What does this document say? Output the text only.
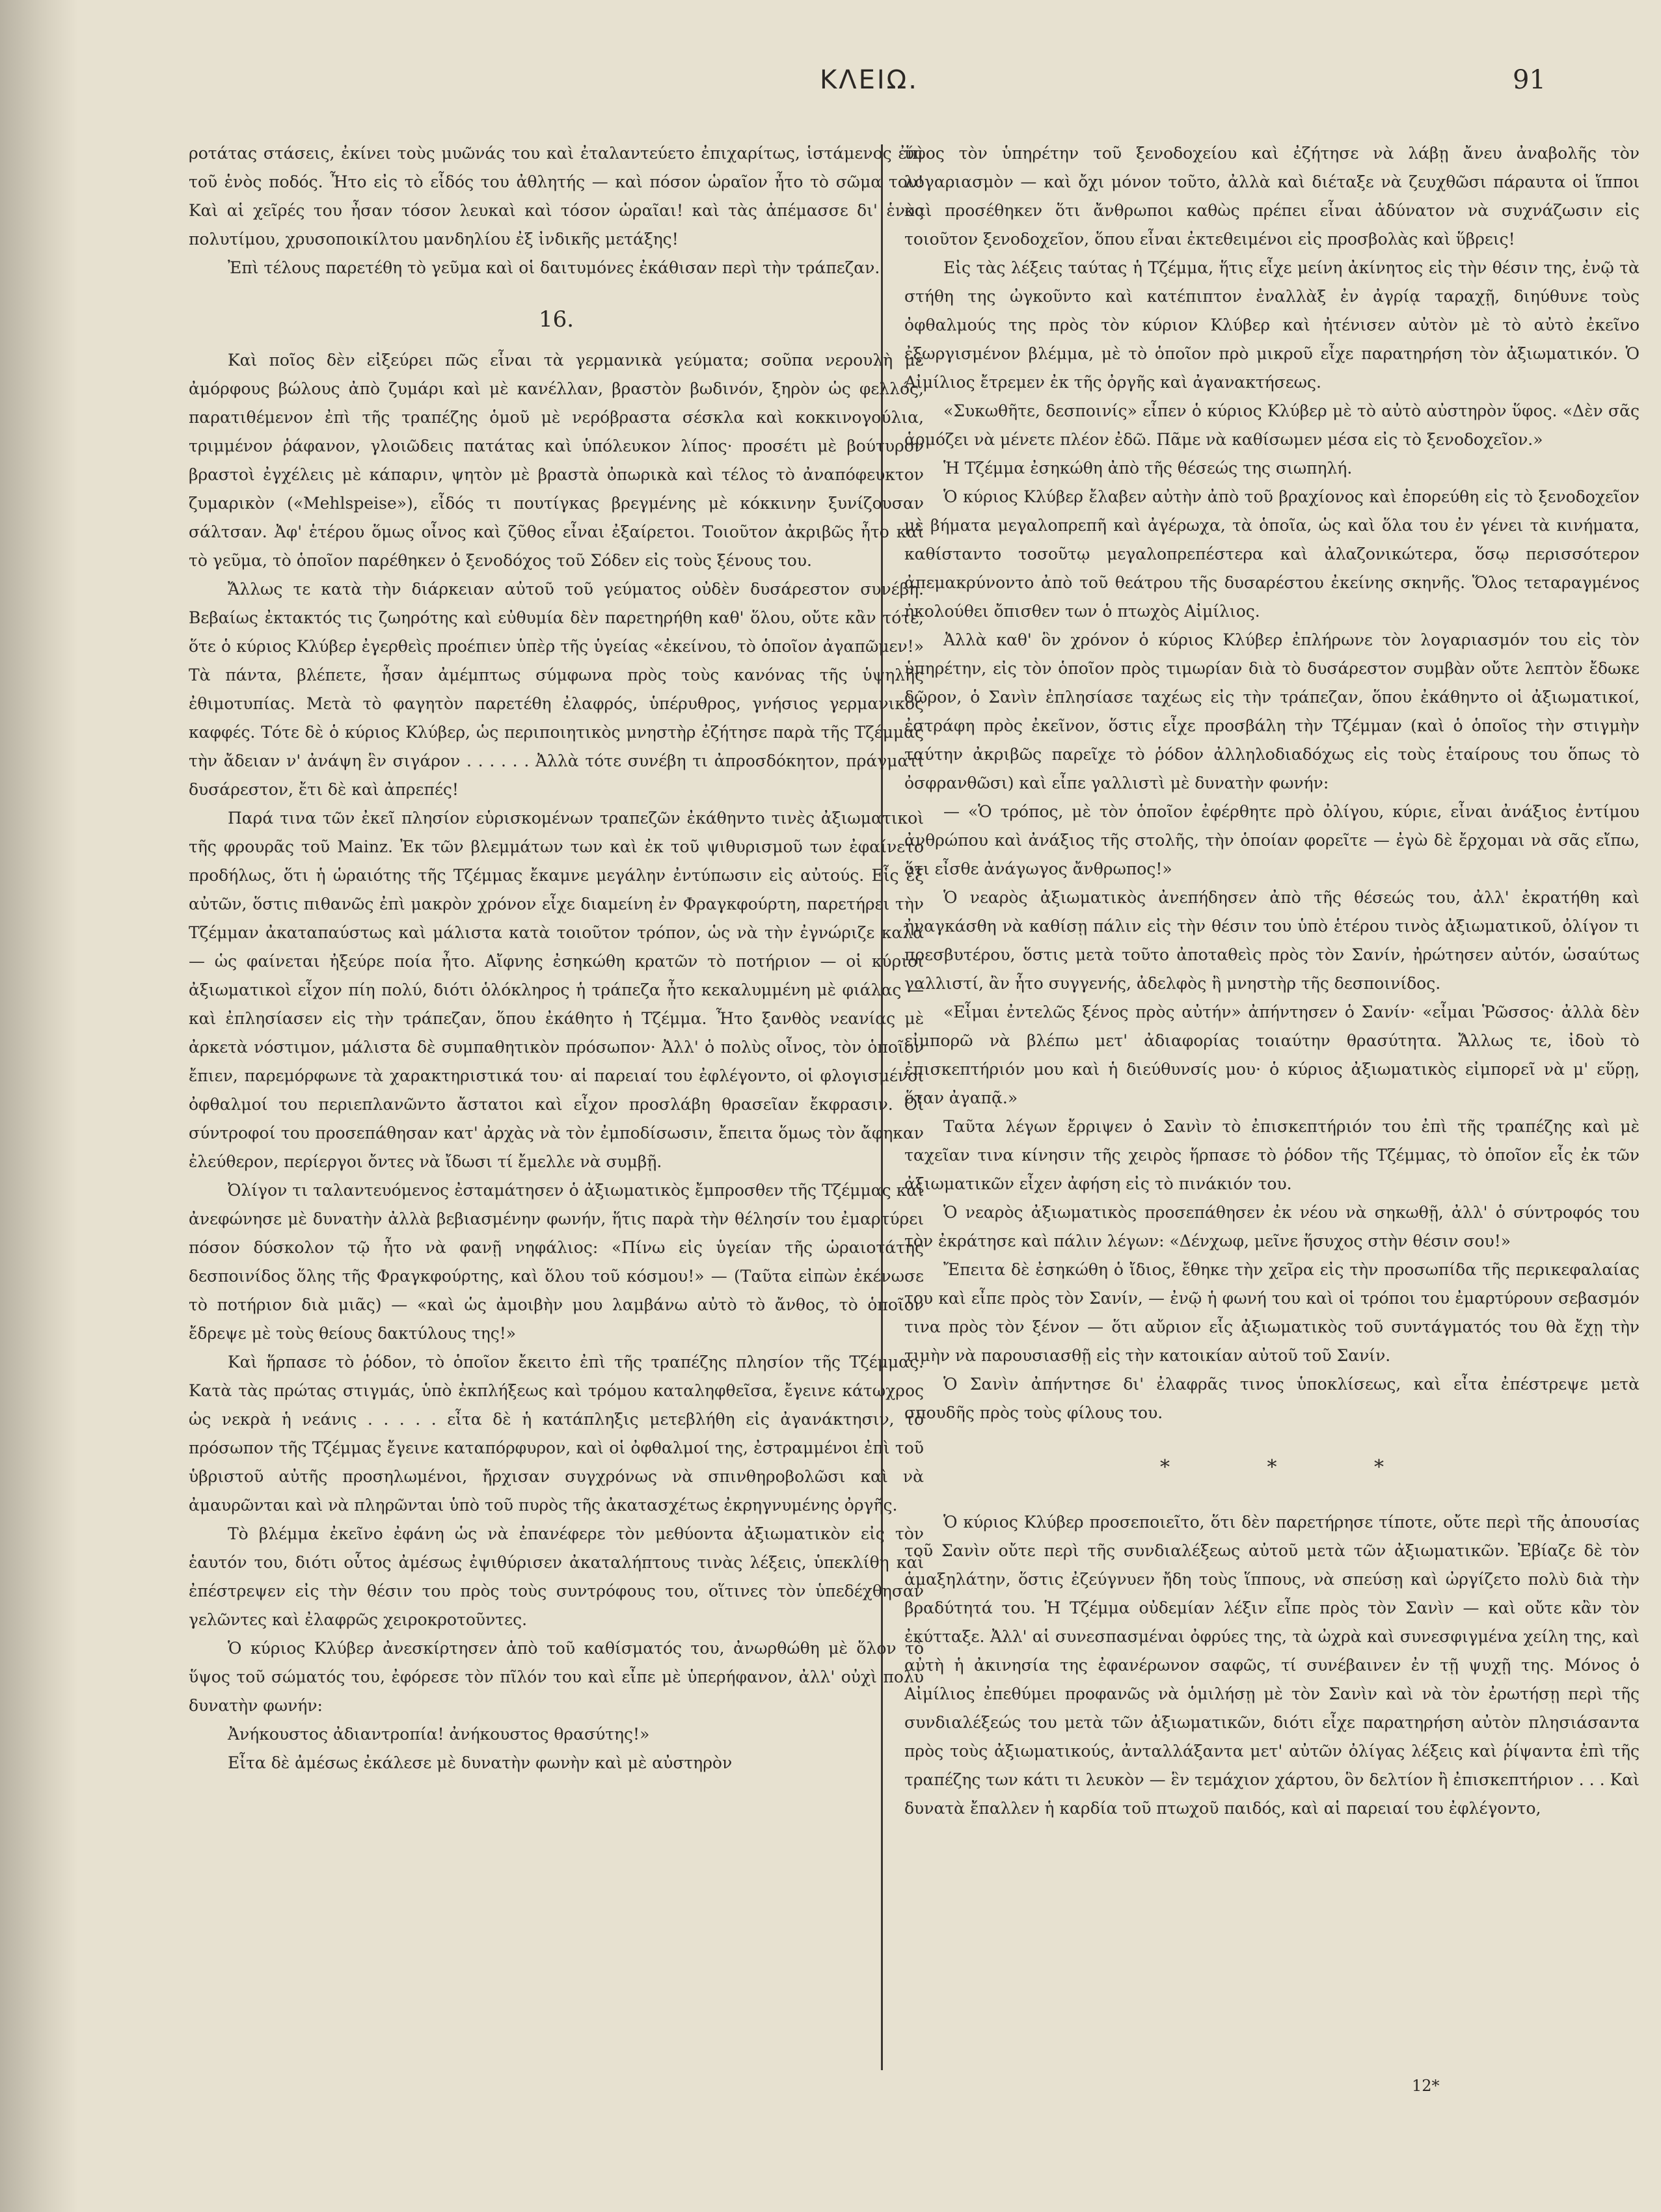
ΚΛΕΙΩ.	91

ροτάτας στάσεις, ἐκίνει τοὺς μυῶνάς του καὶ ἐταλαντεύετο ἐπιχαρίτως, ἱστάμενος ἐπὶ τοῦ ἑνὸς ποδός. Ἦτο εἰς τὸ εἶδός του ἀθλητής — καὶ πόσον ὡραῖον ἦτο τὸ σῶμα του! Καὶ αἱ χεῖρές του ἦσαν τόσον λευκαὶ καὶ τόσον ὡραῖαι! καὶ τὰς ἀπέμασσε δι' ἑνὸς πολυτίμου, χρυσοποικίλτου μανδηλίου ἐξ ἰνδικῆς μετάξης!

Ἐπὶ τέλους παρετέθη τὸ γεῦμα καὶ οἱ δαιτυμόνες ἐκάθισαν περὶ τὴν τράπεζαν.

16.

Καὶ ποῖος δὲν εἰξεύρει πῶς εἶναι τὰ γερμανικὰ γεύματα; σοῦπα νερουλὴ μὲ ἀμόρφους βώλους ἀπὸ ζυμάρι καὶ μὲ κανέλλαν, βραστὸν βωδινόν, ξηρὸν ὡς φελλός, παρατιθέμενον ἐπὶ τῆς τραπέζης ὁμοῦ μὲ νερόβραστα σέσκλα καὶ κοκκινογούλια, τριμμένον ῥάφανον, γλοιῶδεις πατάτας καὶ ὑπόλευκον λίπος· προσέτι μὲ βούτυρον βραστοὶ ἐγχέλεις μὲ κάπαριν, ψητὸν μὲ βραστὰ ὀπωρικὰ καὶ τέλος τὸ ἀναπόφευκτον ζυμαρικὸν («Mehlspeise»), εἶδός τι πουτίγκας βρεγμένης μὲ κόκκινην ξυνίζουσαν σάλτσαν. Ἀφ' ἑτέρου ὅμως οἶνος καὶ ζῦθος εἶναι ἐξαίρετοι. Τοιοῦτον ἀκριβῶς ἦτο καὶ τὸ γεῦμα, τὸ ὁποῖον παρέθηκεν ὁ ξενοδόχος τοῦ Σόδεν εἰς τοὺς ξένους του.

Ἄλλως τε κατὰ τὴν διάρκειαν αὐτοῦ τοῦ γεύματος οὐδὲν δυσάρεστον συνέβη. Βεβαίως ἐκτακτός τις ζωηρότης καὶ εὐθυμία δὲν παρετηρήθη καθ' ὅλου, οὔτε κἂν τότε, ὅτε ὁ κύριος Κλύβερ ἐγερθεὶς προέπιεν ὑπὲρ τῆς ὑγείας «ἐκείνου, τὸ ὁποῖον ἀγαπῶμεν!» Τὰ πάντα, βλέπετε, ἦσαν ἀμέμπτως σύμφωνα πρὸς τοὺς κανόνας τῆς ὑψηλῆς ἐθιμοτυπίας. Μετὰ τὸ φαγητὸν παρετέθη ἐλαφρός, ὑπέρυθρος, γνήσιος γερμανικὸς καφφές. Τότε δὲ ὁ κύριος Κλύβερ, ὡς περιποιητικὸς μνηστὴρ ἐζήτησε παρὰ τῆς Τζέμμας τὴν ἄδειαν ν' ἀνάψη ἓν σιγάρον . . . . . . Ἀλλὰ τότε συνέβη τι ἀπροσδόκητον, πράγματι δυσάρεστον, ἔτι δὲ καὶ ἀπρεπές!

Παρά τινα τῶν ἐκεῖ πλησίον εὑρισκομένων τραπεζῶν ἐκάθηντο τινὲς ἀξιωματικοὶ τῆς φρουρᾶς τοῦ Mainz. Ἐκ τῶν βλεμμάτων των καὶ ἐκ τοῦ ψιθυρισμοῦ των ἐφαίνετο προδήλως, ὅτι ἡ ὡραιότης τῆς Τζέμμας ἔκαμνε μεγάλην ἐντύπωσιν εἰς αὐτούς. Εἷς ἐξ αὐτῶν, ὅστις πιθανῶς ἐπὶ μακρὸν χρόνον εἶχε διαμείνη ἐν Φραγκφούρτη, παρετήρει τὴν Τζέμμαν ἀκαταπαύστως καὶ μάλιστα κατὰ τοιοῦτον τρόπον, ὡς νὰ τὴν ἐγνώριζε καλὰ — ὡς φαίνεται ἠξεύρε ποία ἦτο. Αἴφνης ἐσηκώθη κρατῶν τὸ ποτήριον — οἱ κύριοι ἀξιωματικοὶ εἶχον πίη πολύ, διότι ὁλόκληρος ἡ τράπεζα ἦτο κεκαλυμμένη μὲ φιάλας — καὶ ἐπλησίασεν εἰς τὴν τράπεζαν, ὅπου ἐκάθητο ἡ Τζέμμα. Ἦτο ξανθὸς νεανίας μὲ ἀρκετὰ νόστιμον, μάλιστα δὲ συμπαθητικὸν πρόσωπον· Ἀλλ' ὁ πολὺς οἶνος, τὸν ὁποῖον ἔπιεν, παρεμόρφωνε τὰ χαρακτηριστικά του· αἱ παρειαί του ἐφλέγοντο, οἱ φλογισμένοι ὀφθαλμοί του περιεπλανῶντο ἄστατοι καὶ εἶχον προσλάβη θρασεῖαν ἔκφρασιν. Οἱ σύντροφοί του προσεπάθησαν κατ' ἀρχὰς νὰ τὸν ἐμποδίσωσιν, ἔπειτα ὅμως τὸν ἄφηκαν ἐλεύθερον, περίεργοι ὄντες νὰ ἴδωσι τί ἔμελλε νὰ συμβῇ.

Ὀλίγον τι ταλαντευόμενος ἐσταμάτησεν ὁ ἀξιωματικὸς ἔμπροσθεν τῆς Τζέμμας καὶ ἀνεφώνησε μὲ δυνατὴν ἀλλὰ βεβιασμένην φωνήν, ἥτις παρὰ τὴν θέλησίν του ἐμαρτύρει πόσον δύσκολον τῷ ἦτο νὰ φανῇ νηφάλιος: «Πίνω εἰς ὑγείαν τῆς ὡραιοτάτης δεσποινίδος ὅλης τῆς Φραγκφούρτης, καὶ ὅλου τοῦ κόσμου!» — (Ταῦτα εἰπὼν ἐκένωσε τὸ ποτήριον διὰ μιᾶς) — «καὶ ὡς ἀμοιβὴν μου λαμβάνω αὐτὸ τὸ ἄνθος, τὸ ὁποῖον ἔδρεψε μὲ τοὺς θείους δακτύλους της!»

Καὶ ἥρπασε τὸ ῥόδον, τὸ ὁποῖον ἔκειτο ἐπὶ τῆς τραπέζης πλησίον τῆς Τζέμμας. Κατὰ τὰς πρώτας στιγμάς, ὑπὸ ἐκπλήξεως καὶ τρόμου καταληφθεῖσα, ἔγεινε κάτωχρος ὡς νεκρὰ ἡ νεάνις . . . . . εἶτα δὲ ἡ κατάπληξις μετεβλήθη εἰς ἀγανάκτησιν, τὸ πρόσωπον τῆς Τζέμμας ἔγεινε καταπόρφυρον, καὶ οἱ ὀφθαλμοί της, ἐστραμμένοι ἐπὶ τοῦ ὑβριστοῦ αὐτῆς προσηλωμένοι, ἤρχισαν συγχρόνως νὰ σπινθηροβολῶσι καὶ νὰ ἀμαυρῶνται καὶ νὰ πληρῶνται ὑπὸ τοῦ πυρὸς τῆς ἀκατασχέτως ἐκρηγνυμένης ὀργῆς.

Τὸ βλέμμα ἐκεῖνο ἐφάνη ὡς νὰ ἐπανέφερε τὸν μεθύοντα ἀξιωματικὸν εἰς τὸν ἑαυτόν του, διότι οὗτος ἀμέσως ἐψιθύρισεν ἀκαταλήπτους τινὰς λέξεις, ὑπεκλίθη καὶ ἐπέστρεψεν εἰς τὴν θέσιν του πρὸς τοὺς συντρόφους του, οἵτινες τὸν ὑπεδέχθησαν γελῶντες καὶ ἐλαφρῶς χειροκροτοῦντες.

Ὁ κύριος Κλύβερ ἀνεσκίρτησεν ἀπὸ τοῦ καθίσματός του, ἀνωρθώθη μὲ ὅλον τὸ ὕψος τοῦ σώματός του, ἐφόρεσε τὸν πῖλόν του καὶ εἶπε μὲ ὑπερήφανον, ἀλλ' οὐχὶ πολὺ δυνατὴν φωνήν:

Ἀνήκουστος ἀδιαντροπία! ἀνήκουστος θρασύτης!»

Εἶτα δὲ ἀμέσως ἐκάλεσε μὲ δυνατὴν φωνὴν καὶ μὲ αὐστηρὸν

ὕφος τὸν ὑπηρέτην τοῦ ξενοδοχείου καὶ ἐζήτησε νὰ λάβῃ ἄνευ ἀναβολῆς τὸν λογαριασμὸν — καὶ ὄχι μόνον τοῦτο, ἀλλὰ καὶ διέταξε νὰ ζευχθῶσι πάραυτα οἱ ἵπποι καὶ προσέθηκεν ὅτι ἄνθρωποι καθὼς πρέπει εἶναι ἀδύνατον νὰ συχνάζωσιν εἰς τοιοῦτον ξενοδοχεῖον, ὅπου εἶναι ἐκτεθειμένοι εἰς προσβολὰς καὶ ὕβρεις!

Εἰς τὰς λέξεις ταύτας ἡ Τζέμμα, ἥτις εἶχε μείνη ἀκίνητος εἰς τὴν θέσιν της, ἐνῷ τὰ στήθη της ὠγκοῦντο καὶ κατέπιπτον ἐναλλὰξ ἐν ἀγρίᾳ ταραχῇ, διηύθυνε τοὺς ὀφθαλμούς της πρὸς τὸν κύριον Κλύβερ καὶ ἠτένισεν αὐτὸν μὲ τὸ αὐτὸ ἐκεῖνο ἐξωργισμένον βλέμμα, μὲ τὸ ὁποῖον πρὸ μικροῦ εἶχε παρατηρήση τὸν ἀξιωματικόν. Ὁ Αἰμίλιος ἔτρεμεν ἐκ τῆς ὀργῆς καὶ ἀγανακτήσεως.

«Συκωθῆτε, δεσποινίς» εἶπεν ὁ κύριος Κλύβερ μὲ τὸ αὐτὸ αὐστηρὸν ὕφος. «Δὲν σᾶς ἁρμόζει νὰ μένετε πλέον ἐδῶ. Πᾶμε νὰ καθίσωμεν μέσα εἰς τὸ ξενοδοχεῖον.»

Ἡ Τζέμμα ἐσηκώθη ἀπὸ τῆς θέσεώς της σιωπηλή.

Ὁ κύριος Κλύβερ ἔλαβεν αὐτὴν ἀπὸ τοῦ βραχίονος καὶ ἐπορεύθη εἰς τὸ ξενοδοχεῖον μὲ βήματα μεγαλοπρεπῆ καὶ ἀγέρωχα, τὰ ὁποῖα, ὡς καὶ ὅλα του ἐν γένει τὰ κινήματα, καθίσταντο τοσοῦτῳ μεγαλοπρεπέστερα καὶ ἀλαζονικώτερα, ὅσῳ περισσότερον ἀπεμακρύνοντο ἀπὸ τοῦ θεάτρου τῆς δυσαρέστου ἐκείνης σκηνῆς. Ὅλος τεταραγμένος ἠκολούθει ὄπισθεν των ὁ πτωχὸς Αἰμίλιος.

Ἀλλὰ καθ' ὃν χρόνον ὁ κύριος Κλύβερ ἐπλήρωνε τὸν λογαριασμόν του εἰς τὸν ὑπηρέτην, εἰς τὸν ὁποῖον πρὸς τιμωρίαν διὰ τὸ δυσάρεστον συμβὰν οὔτε λεπτὸν ἔδωκε δῶρον, ὁ Σανὶν ἐπλησίασε ταχέως εἰς τὴν τράπεζαν, ὅπου ἐκάθηντο οἱ ἀξιωματικοί, ἐστράφη πρὸς ἐκεῖνον, ὅστις εἶχε προσβάλη τὴν Τζέμμαν (καὶ ὁ ὁποῖος τὴν στιγμὴν ταύτην ἀκριβῶς παρεῖχε τὸ ῥόδον ἀλληλοδιαδόχως εἰς τοὺς ἑταίρους του ὅπως τὸ ὀσφρανθῶσι) καὶ εἶπε γαλλιστὶ μὲ δυνατὴν φωνήν:

— «Ὁ τρόπος, μὲ τὸν ὁποῖον ἐφέρθητε πρὸ ὀλίγου, κύριε, εἶναι ἀνάξιος ἐντίμου ἀνθρώπου καὶ ἀνάξιος τῆς στολῆς, τὴν ὁποίαν φορεῖτε — ἐγὼ δὲ ἔρχομαι νὰ σᾶς εἴπω, ὅτι εἶσθε ἀνάγωγος ἄνθρωπος!»

Ὁ νεαρὸς ἀξιωματικὸς ἀνεπήδησεν ἀπὸ τῆς θέσεώς του, ἀλλ' ἐκρατήθη καὶ ἠναγκάσθη νὰ καθίσῃ πάλιν εἰς τὴν θέσιν του ὑπὸ ἑτέρου τινὸς ἀξιωματικοῦ, ὀλίγον τι πρεσβυτέρου, ὅστις μετὰ τοῦτο ἀποταθεὶς πρὸς τὸν Σανίν, ἠρώτησεν αὐτόν, ὡσαύτως γαλλιστί, ἂν ἦτο συγγενής, ἀδελφὸς ἢ μνηστὴρ τῆς δεσποινίδος.

«Εἶμαι ἐντελῶς ξένος πρὸς αὐτήν» ἀπήντησεν ὁ Σανίν· «εἶμαι Ῥῶσσος· ἀλλὰ δὲν εἰμπορῶ νὰ βλέπω μετ' ἀδιαφορίας τοιαύτην θρασύτητα. Ἄλλως τε, ἰδοὺ τὸ ἐπισκεπτήριόν μου καὶ ἡ διεύθυνσίς μου· ὁ κύριος ἀξιωματικὸς εἰμπορεῖ νὰ μ' εὕρῃ, ὅταν ἀγαπᾷ.»

Ταῦτα λέγων ἔρριψεν ὁ Σανὶν τὸ ἐπισκεπτήριόν του ἐπὶ τῆς τραπέζης καὶ μὲ ταχεῖαν τινα κίνησιν τῆς χειρὸς ἥρπασε τὸ ῥόδον τῆς Τζέμμας, τὸ ὁποῖον εἷς ἐκ τῶν ἀξιωματικῶν εἶχεν ἀφήση εἰς τὸ πινάκιόν του.

Ὁ νεαρὸς ἀξιωματικὸς προσεπάθησεν ἐκ νέου νὰ σηκωθῇ, ἀλλ' ὁ σύντροφός του τὸν ἐκράτησε καὶ πάλιν λέγων: «Δένχωφ, μεῖνε ἥσυχος στὴν θέσιν σου!»

Ἔπειτα δὲ ἐσηκώθη ὁ ἴδιος, ἔθηκε τὴν χεῖρα εἰς τὴν προσωπίδα τῆς περικεφαλαίας του καὶ εἶπε πρὸς τὸν Σανίν, — ἐνῷ ἡ φωνή του καὶ οἱ τρόποι του ἐμαρτύρουν σεβασμόν τινα πρὸς τὸν ξένον — ὅτι αὔριον εἷς ἀξιωματικὸς τοῦ συντάγματός του θὰ ἔχῃ τὴν τιμὴν νὰ παρουσιασθῇ εἰς τὴν κατοικίαν αὐτοῦ τοῦ Σανίν.

Ὁ Σανὶν ἀπήντησε δι' ἐλαφρᾶς τινος ὑποκλίσεως, καὶ εἶτα ἐπέστρεψε μετὰ σπουδῆς πρὸς τοὺς φίλους του.

* * *

Ὁ κύριος Κλύβερ προσεποιεῖτο, ὅτι δὲν παρετήρησε τίποτε, οὔτε περὶ τῆς ἀπουσίας τοῦ Σανὶν οὔτε περὶ τῆς συνδιαλέξεως αὐτοῦ μετὰ τῶν ἀξιωματικῶν. Ἐβίαζε δὲ τὸν ἁμαξηλάτην, ὅστις ἐζεύγνυεν ἤδη τοὺς ἵππους, νὰ σπεύσῃ καὶ ὠργίζετο πολὺ διὰ τὴν βραδύτητά του. Ἡ Τζέμμα οὐδεμίαν λέξιν εἶπε πρὸς τὸν Σανὶν — καὶ οὔτε κἂν τὸν ἐκύτταξε. Ἀλλ' αἱ συνεσπασμέναι ὀφρύες της, τὰ ὠχρὰ καὶ συνεσφιγμένα χείλη της, καὶ αὐτὴ ἡ ἀκινησία της ἐφανέρωνον σαφῶς, τί συνέβαινεν ἐν τῇ ψυχῇ της. Μόνος ὁ Αἰμίλιος ἐπεθύμει προφανῶς νὰ ὁμιλήσῃ μὲ τὸν Σανὶν καὶ νὰ τὸν ἐρωτήσῃ περὶ τῆς συνδιαλέξεώς του μετὰ τῶν ἀξιωματικῶν, διότι εἶχε παρατηρήση αὐτὸν πλησιάσαντα πρὸς τοὺς ἀξιωματικούς, ἀνταλλάξαντα μετ' αὐτῶν ὀλίγας λέξεις καὶ ῥίψαντα ἐπὶ τῆς τραπέζης των κάτι τι λευκὸν — ἓν τεμάχιον χάρτου, ὃν δελτίον ἢ ἐπισκεπτήριον . . . Καὶ δυνατὰ ἔπαλλεν ἡ καρδία τοῦ πτωχοῦ παιδός, καὶ αἱ παρειαί του ἐφλέγοντο,

12*
